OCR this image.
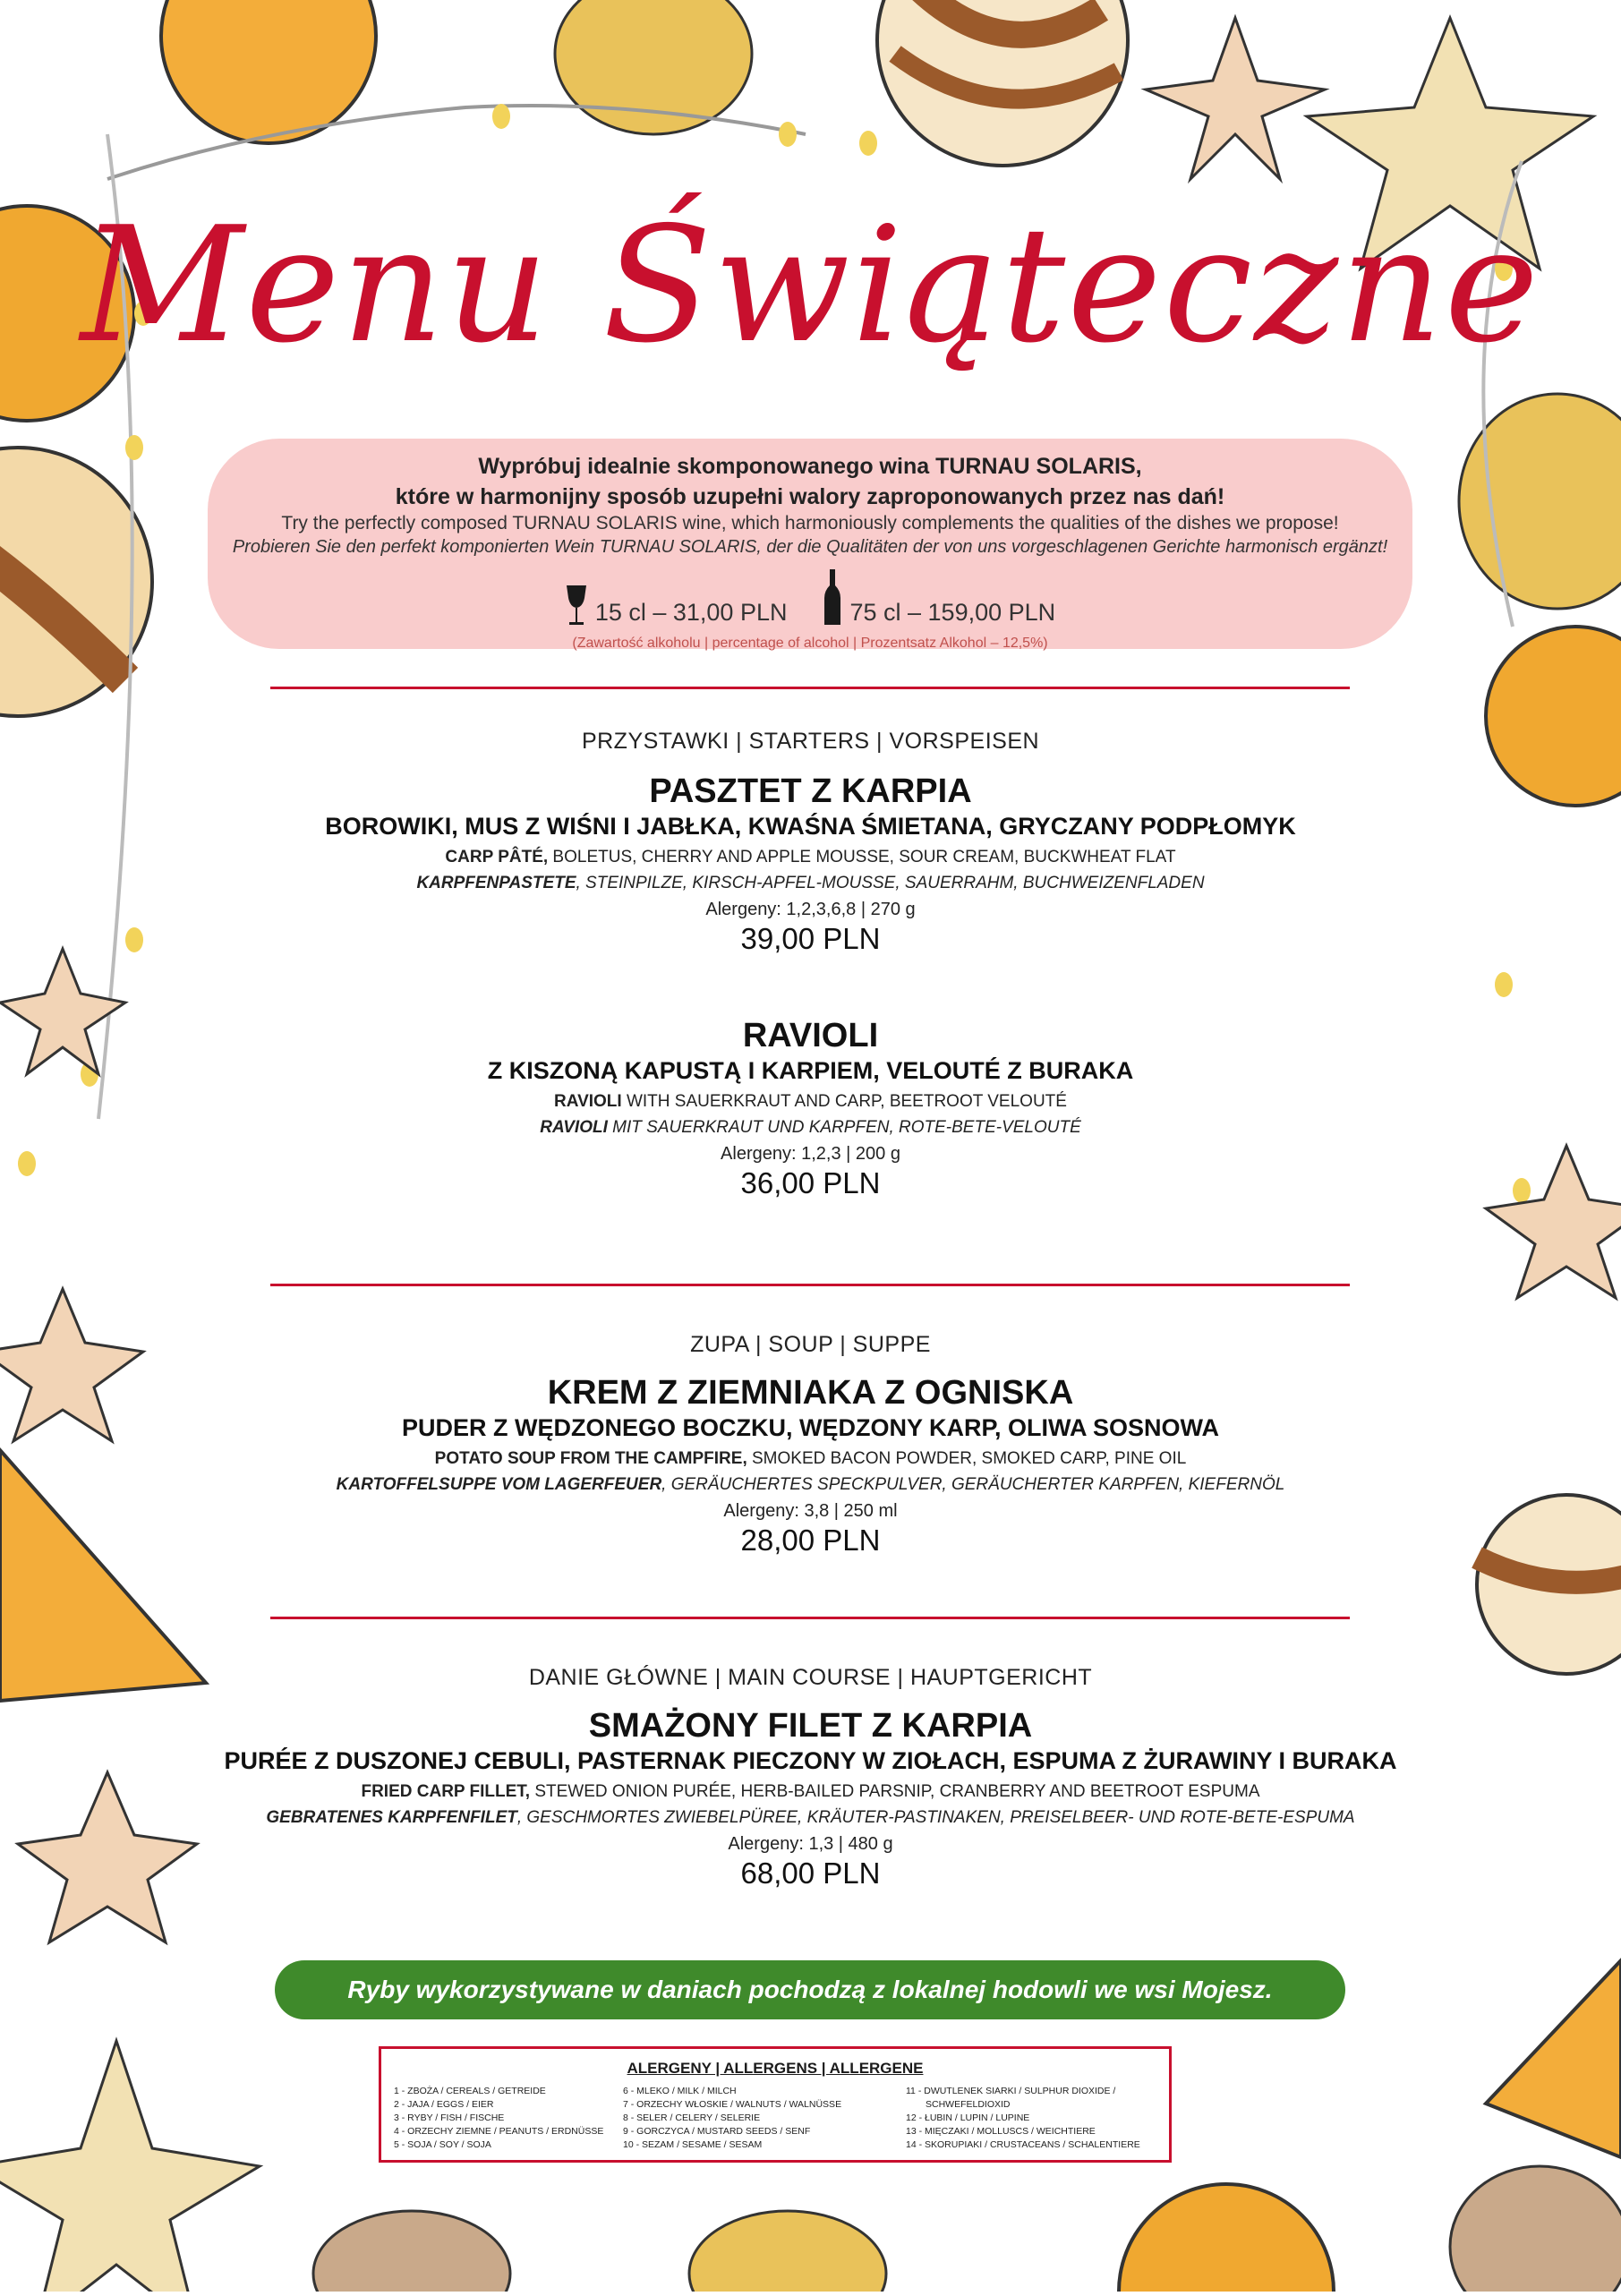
Menu Świąteczne
Wypróbuj idealnie skomponowanego wina TURNAU SOLARIS,
które w harmonijny sposób uzupełni walory zaproponowanych przez nas dań!
Try the perfectly composed TURNAU SOLARIS wine, which harmoniously complements the qualities of the dishes we propose!
Probieren Sie den perfekt komponierten Wein TURNAU SOLARIS, der die Qualitäten der von uns vorgeschlagenen Gerichte harmonisch ergänzt!
15 cl – 31,00 PLN	75 cl – 159,00 PLN
(Zawartość alkoholu | percentage of alcohol | Prozentsatz Alkohol – 12,5%)
PRZYSTAWKI | STARTERS | VORSPEISEN
PASZTET Z KARPIA
BOROWIKI, MUS Z WIŚNI I JABŁKA, KWAŚNA ŚMIETANA, GRYCZANY PODPŁOMYK
CARP PÂTÉ, BOLETUS, CHERRY AND APPLE MOUSSE, SOUR CREAM, BUCKWHEAT FLAT
KARPFENPASTETE, STEINPILZE, KIRSCH-APFEL-MOUSSE, SAUERRAHM, BUCHWEIZENFLADEN
Alergeny: 1,2,3,6,8 | 270 g
39,00 PLN
RAVIOLI
Z KISZONĄ KAPUSTĄ I KARPIEM, VELOUTÉ Z BURAKA
RAVIOLI WITH SAUERKRAUT AND CARP, BEETROOT VELOUTÉ
RAVIOLI MIT SAUERKRAUT UND KARPFEN, ROTE-BETE-VELOUTÉ
Alergeny: 1,2,3 | 200 g
36,00 PLN
ZUPA | SOUP | SUPPE
KREM Z ZIEMNIAKA Z OGNISKA
PUDER Z WĘDZONEGO BOCZKU, WĘDZONY KARP, OLIWA SOSNOWA
POTATO SOUP FROM THE CAMPFIRE, SMOKED BACON POWDER, SMOKED CARP, PINE OIL
KARTOFFELSUPPE VOM LAGERFEUER, GERÄUCHERTES SPECKPULVER, GERÄUCHERTER KARPFEN, KIEFERNÖL
Alergeny: 3,8 | 250 ml
28,00 PLN
DANIE GŁÓWNE | MAIN COURSE | HAUPTGERICHT
SMAŻONY FILET Z KARPIA
PURÉE Z DUSZONEJ CEBULI, PASTERNAK PIECZONY W ZIOŁACH, ESPUMA Z ŻURAWINY I BURAKA
FRIED CARP FILLET, STEWED ONION PURÉE, HERB-BAILED PARSNIP, CRANBERRY AND BEETROOT ESPUMA
GEBRATENES KARPFENFILET, GESCHMORTES ZWIEBELPÜREE, KRÄUTER-PASTINAKEN, PREISELBEER- UND ROTE-BETE-ESPUMA
Alergeny: 1,3 | 480 g
68,00 PLN
Ryby wykorzystywane w daniach pochodzą z lokalnej hodowli we wsi Mojesz.
ALERGENY | ALLERGENS | ALLERGENE
1 - ZBOŻA / CEREALS / GETREIDE
2 - JAJA / EGGS / EIER
3 - RYBY / FISH / FISCHE
4 - ORZECHY ZIEMNE / PEANUTS / ERDNÜSSE
5 - SOJA / SOY / SOJA
6 - MLEKO / MILK / MILCH
7 - ORZECHY WŁOSKIE / WALNUTS / WALNÜSSE
8 - SELER / CELERY / SELERIE
9 - GORCZYCA / MUSTARD SEEDS / SENF
10 - SEZAM / SESAME / SESAM
11 - DWUTLENEK SIARKI / SULPHUR DIOXIDE /
SCHWEFELDIOXID
12 - ŁUBIN / LUPIN / LUPINE
13 - MIĘCZAKI / MOLLUSCS / WEICHTIERE
14 - SKORUPIAKI / CRUSTACEANS / SCHALENTIERE
